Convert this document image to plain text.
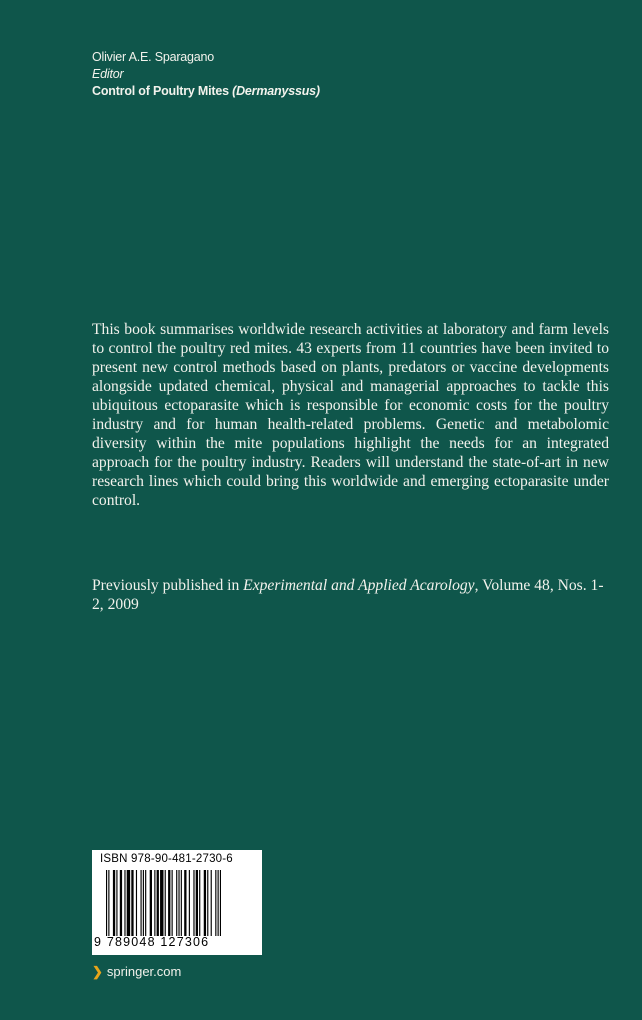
Olivier A.E. Sparagano
Editor
Control of Poultry Mites (Dermanyssus)

This book summarises worldwide research activities at laboratory and farm levels to control the poultry red mites. 43 experts from 11 countries have been invited to present new control methods based on plants, predators or vaccine developments alongside updated chemical, physical and managerial approaches to tackle this ubiquitous ectoparasite which is responsible for economic costs for the poultry industry and for human health-related problems. Genetic and metabolomic diversity within the mite populations highlight the needs for an integrated approach for the poultry industry. Readers will understand the state-of-art in new research lines which could bring this worldwide and emerging ectoparasite under control.

Previously published in Experimental and Applied Acarology, Volume 48, Nos. 1-2, 2009

ISBN 978-90-481-2730-6
9 789048 127306
❯ springer.com
